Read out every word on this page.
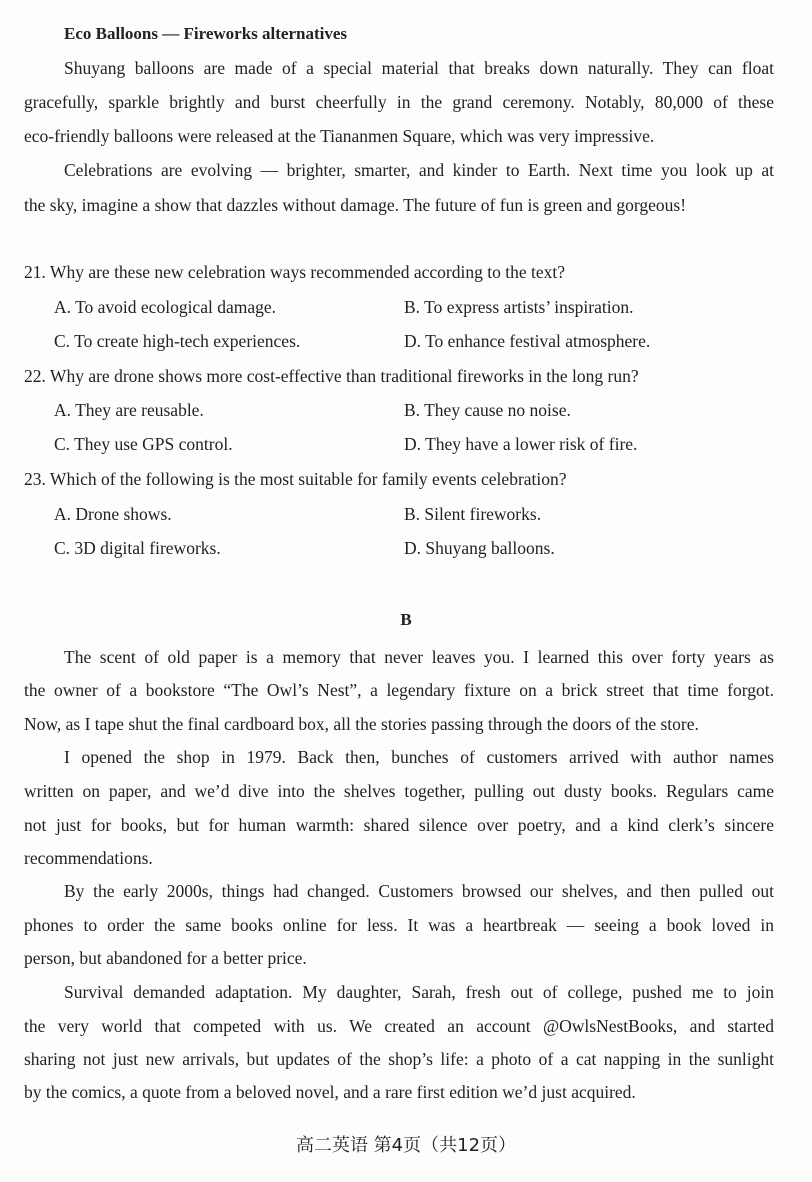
Eco Balloons — Fireworks alternatives
Shuyang balloons are made of a special material that breaks down naturally. They can float
gracefully, sparkle brightly and burst cheerfully in the grand ceremony. Notably, 80,000 of these
eco-friendly balloons were released at the Tiananmen Square, which was very impressive.
Celebrations are evolving — brighter, smarter, and kinder to Earth. Next time you look up at
the sky, imagine a show that dazzles without damage. The future of fun is green and gorgeous!
21. Why are these new celebration ways recommended according to the text?
A. To avoid ecological damage.	B. To express artists’ inspiration.
C. To create high-tech experiences.	D. To enhance festival atmosphere.
22. Why are drone shows more cost-effective than traditional fireworks in the long run?
A. They are reusable.	B. They cause no noise.
C. They use GPS control.	D. They have a lower risk of fire.
23. Which of the following is the most suitable for family events celebration?
A. Drone shows.	B. Silent fireworks.
C. 3D digital fireworks.	D. Shuyang balloons.
B
The scent of old paper is a memory that never leaves you. I learned this over forty years as
the owner of a bookstore “The Owl’s Nest”, a legendary fixture on a brick street that time forgot.
Now, as I tape shut the final cardboard box, all the stories passing through the doors of the store.
I opened the shop in 1979. Back then, bunches of customers arrived with author names
written on paper, and we’d dive into the shelves together, pulling out dusty books. Regulars came
not just for books, but for human warmth: shared silence over poetry, and a kind clerk’s sincere
recommendations.
By the early 2000s, things had changed. Customers browsed our shelves, and then pulled out
phones to order the same books online for less. It was a heartbreak — seeing a book loved in
person, but abandoned for a better price.
Survival demanded adaptation. My daughter, Sarah, fresh out of college, pushed me to join
the very world that competed with us. We created an account @OwlsNestBooks, and started
sharing not just new arrivals, but updates of the shop’s life: a photo of a cat napping in the sunlight
by the comics, a quote from a beloved novel, and a rare first edition we’d just acquired.
高二英语 第4页（共12页）
